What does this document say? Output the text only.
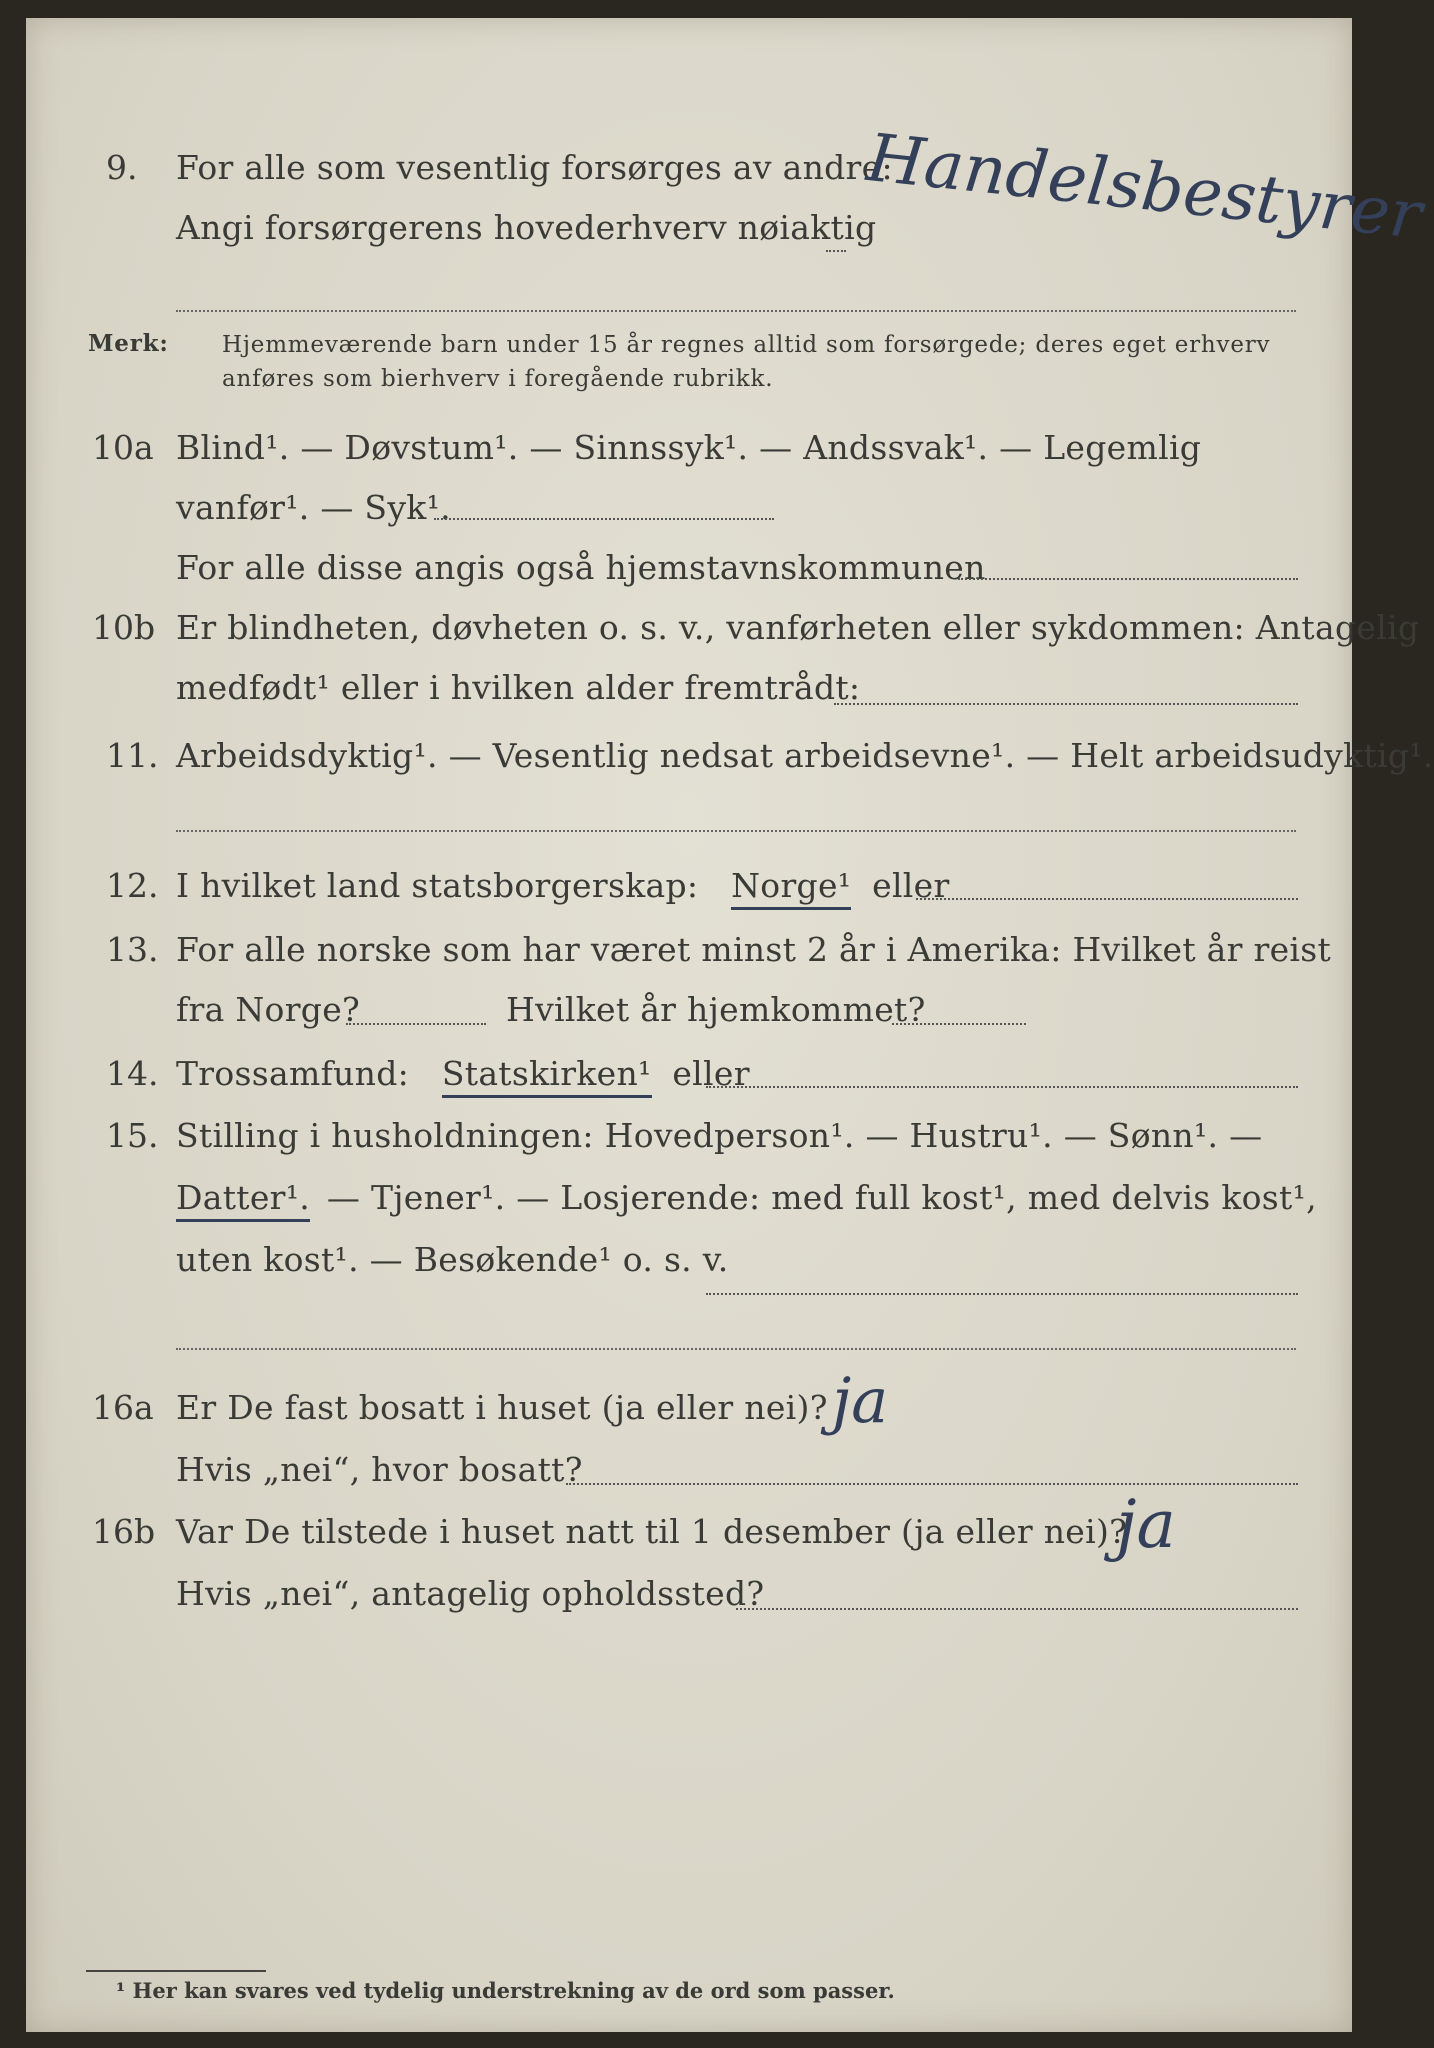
9. For alle som vesentlig forsørges av andre:
Angi forsørgerens hovederhverv nøiaktig
Handelsbestyrer
Merk: Hjemmeværende barn under 15 år regnes alltid som forsørgede; deres eget erhverv
anføres som bierhverv i foregående rubrikk.
10a Blind¹. — Døvstum¹. — Sinnssyk¹. — Andssvak¹. — Legemlig
vanfør¹. — Syk¹.
For alle disse angis også hjemstavnskommunen
10b Er blindheten, døvheten o. s. v., vanførheten eller sykdommen: Antagelig
medfødt¹ eller i hvilken alder fremtrådt:
11. Arbeidsdyktig¹. — Vesentlig nedsat arbeidsevne¹. — Helt arbeidsudyktig¹.
12. I hvilket land statsborgerskap: Norge¹ eller
13. For alle norske som har været minst 2 år i Amerika: Hvilket år reist
fra Norge?	Hvilket år hjemkommet?
14. Trossamfund: Statskirken¹ eller
15. Stilling i husholdningen: Hovedperson¹. — Hustru¹. — Sønn¹. —
Datter¹. — Tjener¹. — Losjerende: med full kost¹, med delvis kost¹,
uten kost¹. — Besøkende¹ o. s. v.
16a Er De fast bosatt i huset (ja eller nei)? ja
Hvis „nei“, hvor bosatt?
16b Var De tilstede i huset natt til 1 desember (ja eller nei)?
ja
Hvis „nei“, antagelig opholdssted?
¹ Her kan svares ved tydelig understrekning av de ord som passer.
